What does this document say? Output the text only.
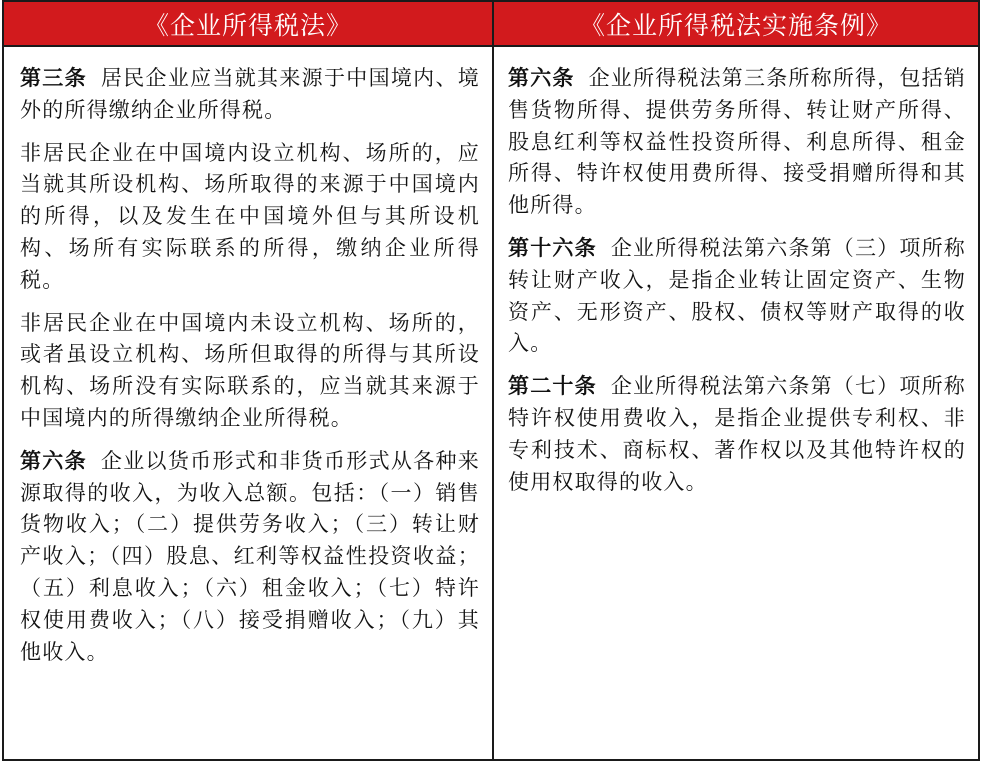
《企业所得税法》	《企业所得税法实施条例》

第三条 居民企业应当就其来源于中国境内、境外的所得缴纳企业所得税。

非居民企业在中国境内设立机构、场所的，应当就其所设机构、场所取得的来源于中国境内的所得，以及发生在中国境外但与其所设机构、场所有实际联系的所得，缴纳企业所得税。

非居民企业在中国境内未设立机构、场所的，或者虽设立机构、场所但取得的所得与其所设机构、场所没有实际联系的，应当就其来源于中国境内的所得缴纳企业所得税。

第六条 企业以货币形式和非货币形式从各种来源取得的收入，为收入总额。包括：（一）销售货物收入；（二）提供劳务收入；（三）转让财产收入；（四）股息、红利等权益性投资收益；（五）利息收入；（六）租金收入；（七）特许权使用费收入；（八）接受捐赠收入；（九）其他收入。

第六条 企业所得税法第三条所称所得，包括销售货物所得、提供劳务所得、转让财产所得、股息红利等权益性投资所得、利息所得、租金所得、特许权使用费所得、接受捐赠所得和其他所得。

第十六条 企业所得税法第六条第（三）项所称转让财产收入，是指企业转让固定资产、生物资产、无形资产、股权、债权等财产取得的收入。

第二十条 企业所得税法第六条第（七）项所称特许权使用费收入，是指企业提供专利权、非专利技术、商标权、著作权以及其他特许权的使用权取得的收入。
